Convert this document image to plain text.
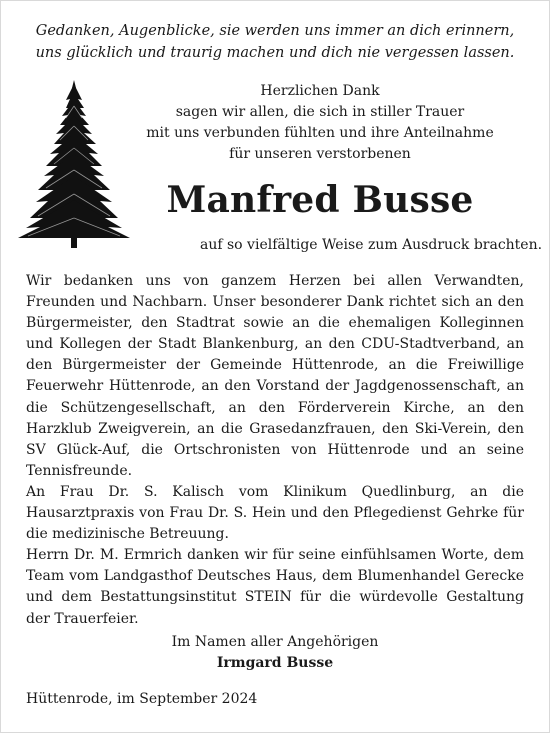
Gedanken, Augenblicke, sie werden uns immer an dich erinnern,
uns glücklich und traurig machen und dich nie vergessen lassen.
Herzlichen Dank
sagen wir allen, die sich in stiller Trauer
mit uns verbunden fühlten und ihre Anteilnahme
für unseren verstorbenen
Manfred Busse
auf so vielfältige Weise zum Ausdruck brachten.

Wir bedanken uns von ganzem Herzen bei allen Verwandten, Freunden und Nachbarn. Unser besonderer Dank richtet sich an den Bürgermeister, den Stadtrat sowie an die ehemaligen Kolleginnen und Kollegen der Stadt Blankenburg, an den CDU-Stadtverband, an den Bürgermeister der Gemeinde Hüttenrode, an die Freiwillige Feuerwehr Hüttenrode, an den Vorstand der Jagdgenossenschaft, an die Schützengesellschaft, an den Förderverein Kirche, an den Harzklub Zweigverein, an die Grasedanzfrauen, den Ski-Verein, den SV Glück-Auf, die Ortschronisten von Hüttenrode und an seine Tennisfreunde.

An Frau Dr. S. Kalisch vom Klinikum Quedlinburg, an die Hausarztpraxis von Frau Dr. S. Hein und den Pflegedienst Gehrke für die medizinische Betreuung.

Herrn Dr. M. Ermrich danken wir für seine einfühlsamen Worte, dem Team vom Landgasthof Deutsches Haus, dem Blumenhandel Gerecke und dem Bestattungsinstitut STEIN für die würdevolle Gestaltung der Trauerfeier.

Im Namen aller Angehörigen
Irmgard Busse
Hüttenrode, im September 2024
